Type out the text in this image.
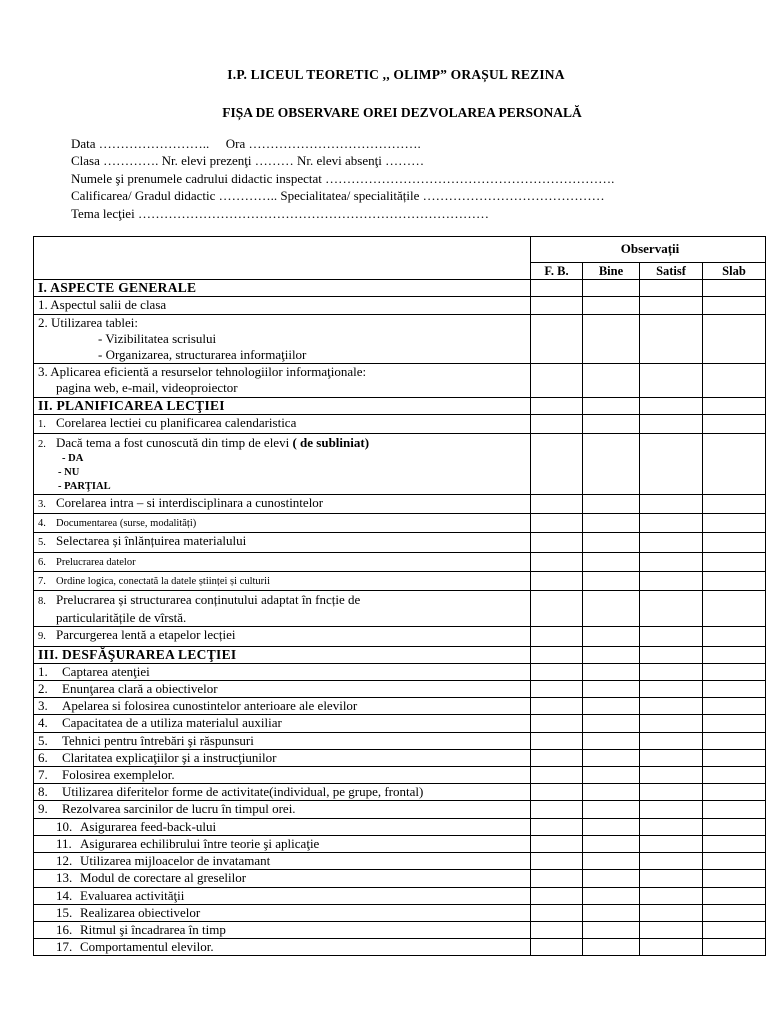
I.P. LICEUL TEORETIC ,, OLIMP” ORAȘUL REZINA
FIȘA DE OBSERVARE OREI DEZVOLAREA PERSONALĂ
Data …………………….. Ora ………………………………….
Clasa …………. Nr. elevi prezenţi ……… Nr. elevi absenţi ………
Numele şi prenumele cadrului didactic inspectat ………………………………………………………….
Calificarea/ Gradul didactic ………….. Specialitatea/ specialitățile ……………………………………
Tema lecţiei ………………………………………………………………………
	Observații			
	F. B.	Bine	Satisf	Slab
I. ASPECTE GENERALE				
1. Aspectul salii de clasa				

2. Utilizarea tablei:
- Vizibilitatea scrisului
- Organizarea, structurarea informaţiilor				

3. Aplicarea eficientă a resurselor tehnologiilor informaţionale:
pagina web, e-mail, videoproiector				

II. PLANIFICAREA LECŢIEI				
1. Corelarea lectiei cu planificarea calendaristica				

2. Dacă tema a fost cunoscută din timp de elevi ( de subliniat)
- DA
- NU
- PARŢIAL				

3. Corelarea intra – si interdisciplinara a cunostintelor				
4. Documentarea (surse, modalități)				
5. Selectarea și înlănțuirea materialului				
6. Prelucrarea datelor				
7. Ordine logica, conectată la datele științei și culturii				

8. Prelucrarea și structurarea conținutului adaptat în fncție de
particularitățile de vîrstă.				

9. Parcurgerea lentă a etapelor lecției				
III. DESFĂŞURAREA LECŢIEI				
1. Captarea atenţiei				
2. Enunţarea clară a obiectivelor				
3. Apelarea si folosirea cunostintelor anterioare ale elevilor				
4. Capacitatea de a utiliza materialul auxiliar				
5. Tehnici pentru întrebări şi răspunsuri				
6. Claritatea explicaţiilor şi a instrucţiunilor				
7. Folosirea exemplelor.				
8. Utilizarea diferitelor forme de activitate(individual, pe grupe, frontal)				
9. Rezolvarea sarcinilor de lucru în timpul orei.				
10. Asigurarea feed-back-ului				
11. Asigurarea echilibrului între teorie şi aplicaţie				
12. Utilizarea mijloacelor de invatamant				
13. Modul de corectare al greselilor				
14. Evaluarea activităţii				
15. Realizarea obiectivelor				
16. Ritmul şi încadrarea în timp				
17. Comportamentul elevilor.				
